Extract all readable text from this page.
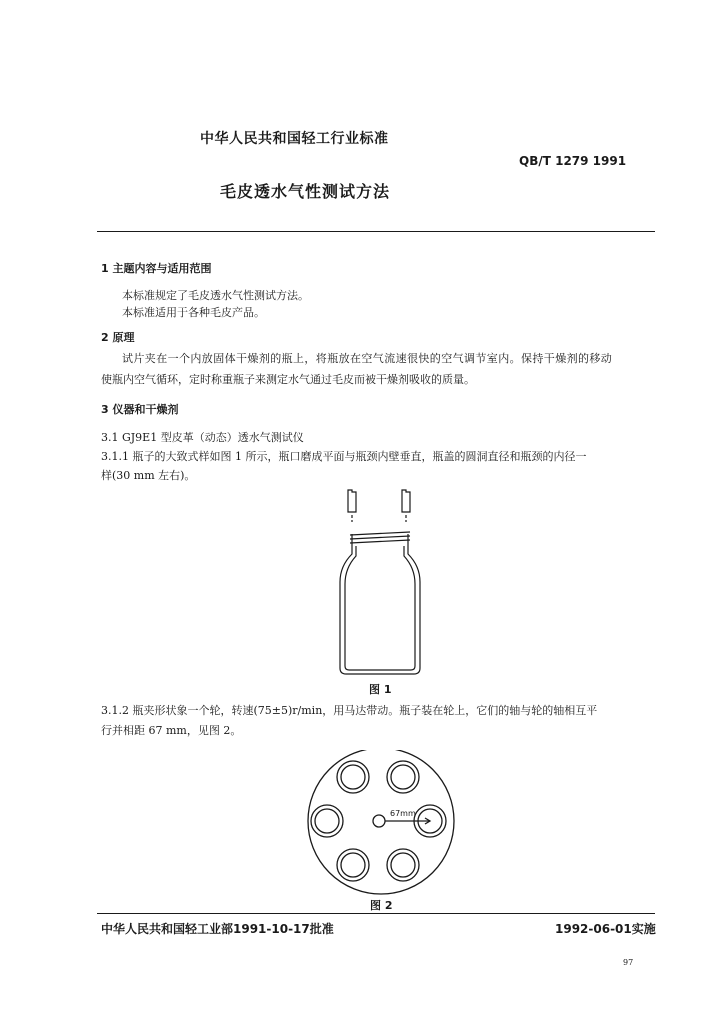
中华人民共和国轻工行业标准
QB/T 1279 1991
毛皮透水气性测试方法
1 主题内容与适用范围
本标准规定了毛皮透水气性测试方法。
本标准适用于各种毛皮产品。
2 原理
试片夹在一个内放固体干燥剂的瓶上，将瓶放在空气流速很快的空气调节室内。保持干燥剂的移动
使瓶内空气循环，定时称重瓶子来测定水气通过毛皮而被干燥剂吸收的质量。
3 仪器和干燥剂
3.1 GJ9E1 型皮革（动态）透水气测试仪
3.1.1 瓶子的大致式样如图 1 所示，瓶口磨成平面与瓶颈内壁垂直，瓶盖的圆洞直径和瓶颈的内径一
样(30 mm 左右)。
图 1
3.1.2 瓶夹形状象一个轮，转速(75±5)r/min，用马达带动。瓶子装在轮上，它们的轴与轮的轴相互平
行并相距 67 mm，见图 2。
67mm
图 2
中华人民共和国轻工业部1991-10-17批准	1992-06-01实施
97
